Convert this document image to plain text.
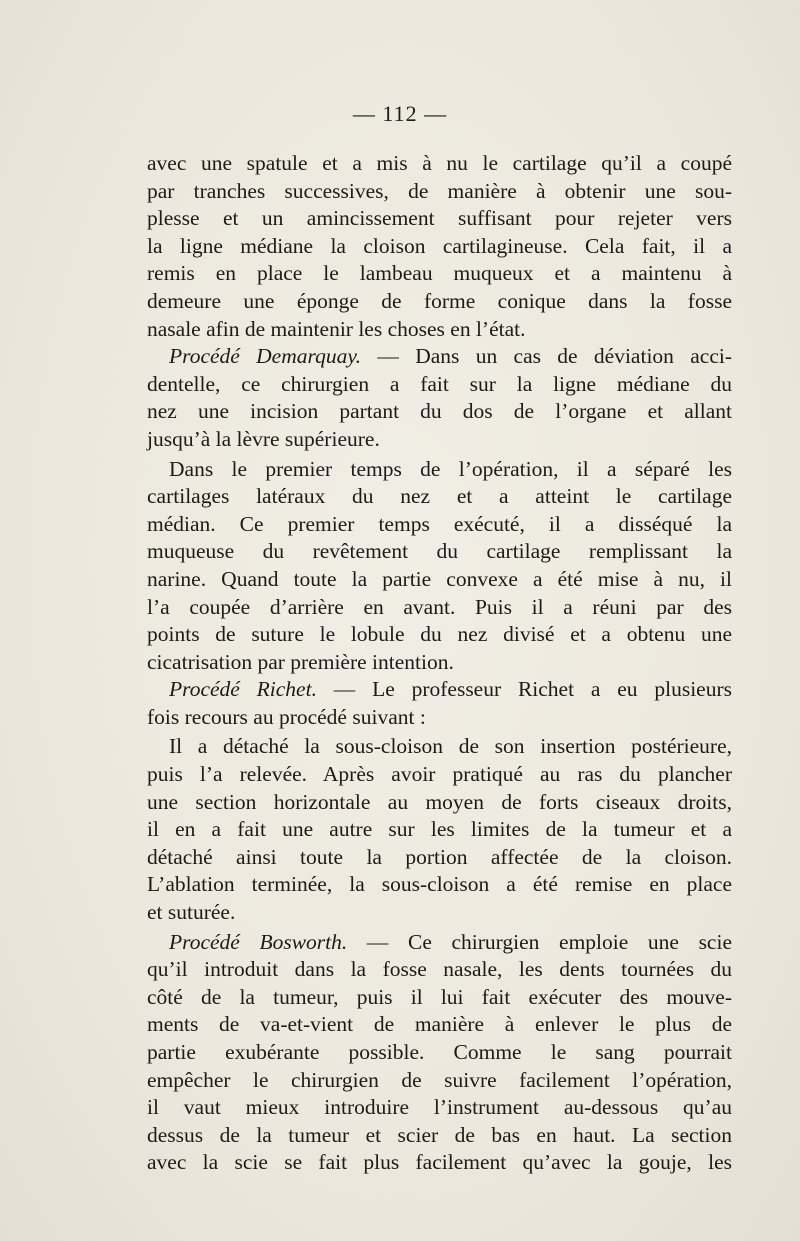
— 112 —
avec une spatule et a mis à nu le cartilage qu’il a coupé
par tranches successives, de manière à obtenir une sou-
plesse et un amincissement suffisant pour rejeter vers
la ligne médiane la cloison cartilagineuse. Cela fait, il a
remis en place le lambeau muqueux et a maintenu à
demeure une éponge de forme conique dans la fosse
nasale afin de maintenir les choses en l’état.
Procédé Demarquay. — Dans un cas de déviation acci-
dentelle, ce chirurgien a fait sur la ligne médiane du
nez une incision partant du dos de l’organe et allant
jusqu’à la lèvre supérieure.
Dans le premier temps de l’opération, il a séparé les
cartilages latéraux du nez et a atteint le cartilage
médian. Ce premier temps exécuté, il a disséqué la
muqueuse du revêtement du cartilage remplissant la
narine. Quand toute la partie convexe a été mise à nu, il
l’a coupée d’arrière en avant. Puis il a réuni par des
points de suture le lobule du nez divisé et a obtenu une
cicatrisation par première intention.
Procédé Richet. — Le professeur Richet a eu plusieurs
fois recours au procédé suivant :
Il a détaché la sous-cloison de son insertion postérieure,
puis l’a relevée. Après avoir pratiqué au ras du plancher
une section horizontale au moyen de forts ciseaux droits,
il en a fait une autre sur les limites de la tumeur et a
détaché ainsi toute la portion affectée de la cloison.
L’ablation terminée, la sous-cloison a été remise en place
et suturée.
Procédé Bosworth. — Ce chirurgien emploie une scie
qu’il introduit dans la fosse nasale, les dents tournées du
côté de la tumeur, puis il lui fait exécuter des mouve-
ments de va-et-vient de manière à enlever le plus de
partie exubérante possible. Comme le sang pourrait
empêcher le chirurgien de suivre facilement l’opération,
il vaut mieux introduire l’instrument au-dessous qu’au
dessus de la tumeur et scier de bas en haut. La section
avec la scie se fait plus facilement qu’avec la gouje, les
